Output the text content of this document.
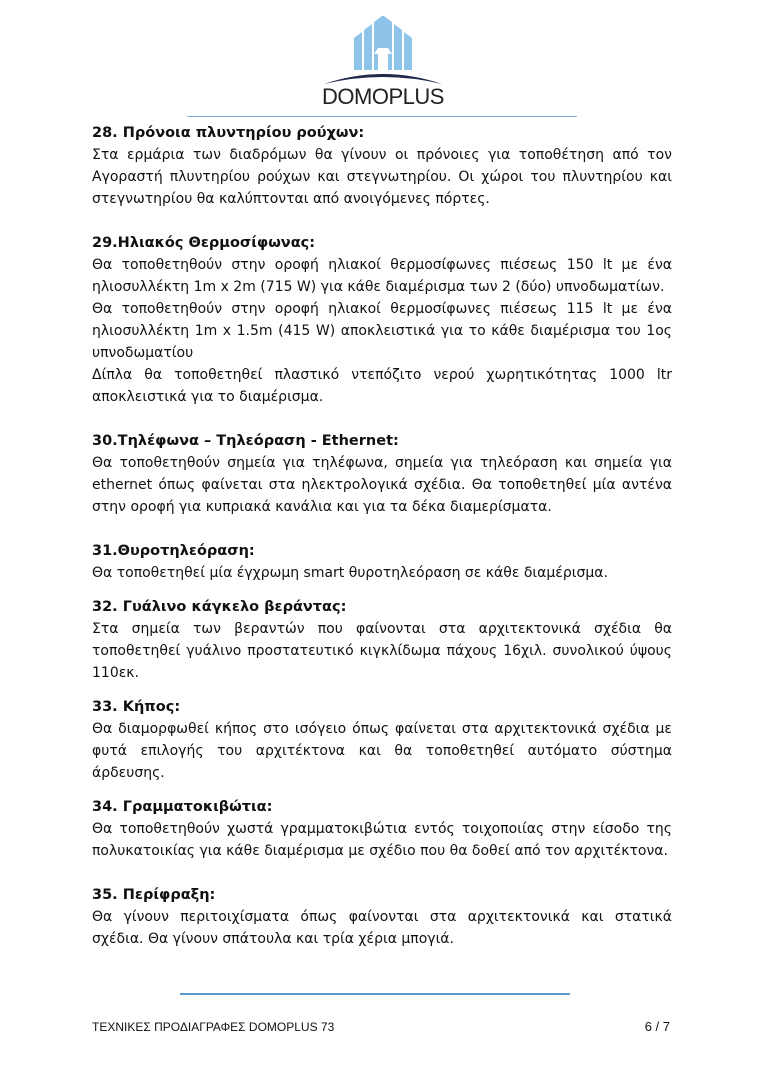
DOMOPLUS

28. Πρόνοια πλυντηρίου ρούχων:

Στα ερμάρια των διαδρόμων θα γίνουν οι πρόνοιες για τοποθέτηση από τον Αγοραστή πλυντηρίου ρούχων και στεγνωτηρίου. Οι χώροι του πλυντηρίου και στεγνωτηρίου θα καλύπτονται από ανοιγόμενες πόρτες.

29.Ηλιακός Θερμοσίφωνας:

Θα τοποθετηθούν στην οροφή ηλιακοί θερμοσίφωνες πιέσεως 150 lt με ένα ηλιοσυλλέκτη 1m x 2m (715 W) για κάθε διαμέρισμα των 2 (δύο) υπνοδωματίων.

Θα τοποθετηθούν στην οροφή ηλιακοί θερμοσίφωνες πιέσεως 115 lt με ένα ηλιοσυλλέκτη 1m x 1.5m (415 W) αποκλειστικά για το κάθε διαμέρισμα του 1ος υπνοδωματίου

Δίπλα θα τοποθετηθεί πλαστικό ντεπόζιτο νερού χωρητικότητας 1000 ltr αποκλειστικά για το διαμέρισμα.

30.Τηλέφωνα – Τηλεόραση - Ethernet:

Θα τοποθετηθούν σημεία για τηλέφωνα, σημεία για τηλεόραση και σημεία για ethernet όπως φαίνεται στα ηλεκτρολογικά σχέδια. Θα τοποθετηθεί μία αντένα στην οροφή για κυπριακά κανάλια και για τα δέκα διαμερίσματα.

31.Θυροτηλεόραση:

Θα τοποθετηθεί μία έγχρωμη smart θυροτηλεόραση σε κάθε διαμέρισμα.

32. Γυάλινο κάγκελο βεράντας:

Στα σημεία των βεραντών που φαίνονται στα αρχιτεκτονικά σχέδια θα τοποθετηθεί γυάλινο προστατευτικό κιγκλίδωμα πάχους 16χιλ. συνολικού ύψους 110εκ.

33. Κήπος:

Θα διαμορφωθεί κήπος στο ισόγειο όπως φαίνεται στα αρχιτεκτονικά σχέδια με φυτά επιλογής του αρχιτέκτονα και θα τοποθετηθεί αυτόματο σύστημα άρδευσης.

34. Γραμματοκιβώτια:

Θα τοποθετηθούν χωστά γραμματοκιβώτια εντός τοιχοποιίας στην είσοδο της πολυκατοικίας για κάθε διαμέρισμα με σχέδιο που θα δοθεί από τον αρχιτέκτονα.

35. Περίφραξη:

Θα γίνουν περιτοιχίσματα όπως φαίνονται στα αρχιτεκτονικά και στατικά σχέδια. Θα γίνουν σπάτουλα και τρία χέρια μπογιά.

ΤΕΧΝΙΚΕΣ ΠΡΟΔΙΑΓΡΑΦΕΣ DOMOPLUS 73	6 / 7
